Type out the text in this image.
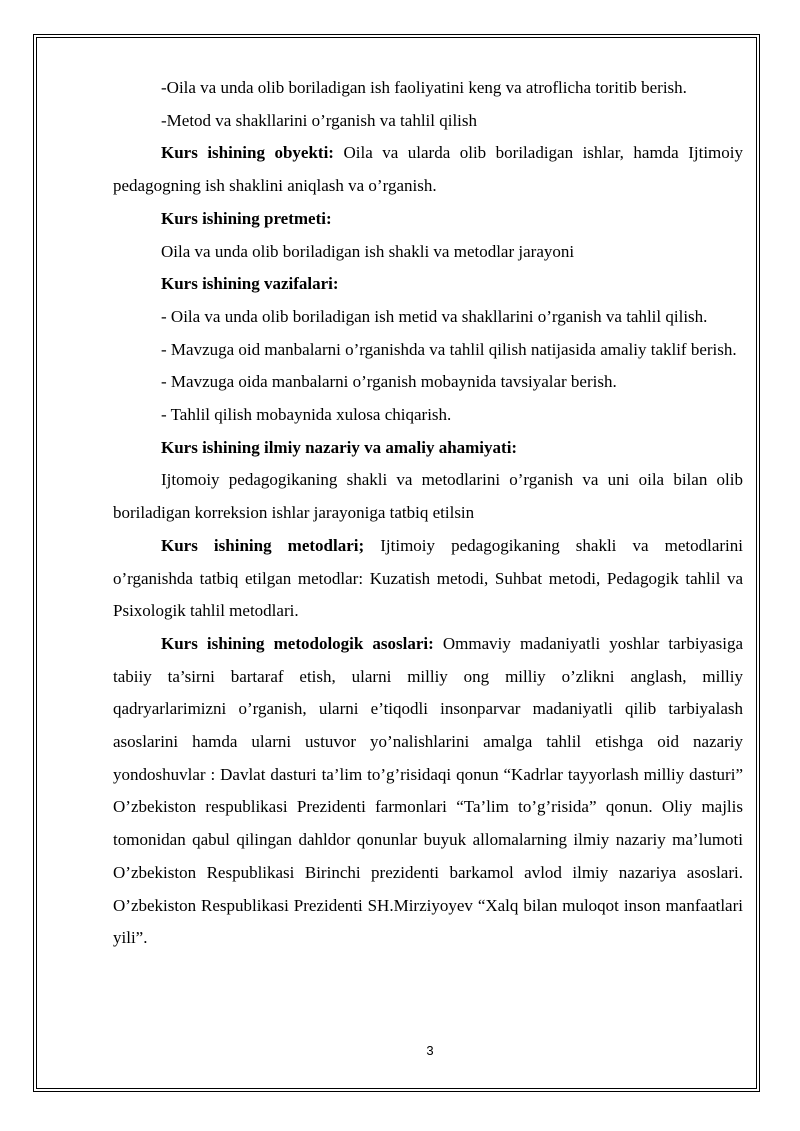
-Oila va unda olib boriladigan ish faoliyatini keng va atroflicha toritib berish.

-Metod va shakllarini o’rganish va tahlil qilish

Kurs ishining obyekti: Oila va ularda olib boriladigan ishlar, hamda Ijtimoiy pedagogning ish shaklini aniqlash va o’rganish.

Kurs ishining pretmeti:

Oila va unda olib boriladigan ish shakli va metodlar jarayoni

Kurs ishining vazifalari:

- Oila va unda olib boriladigan ish metid va shakllarini o’rganish va tahlil qilish.

- Mavzuga oid manbalarni o’rganishda va tahlil qilish natijasida amaliy taklif berish.

- Mavzuga oida manbalarni o’rganish mobaynida tavsiyalar berish.

- Tahlil qilish mobaynida xulosa chiqarish.

Kurs ishining ilmiy nazariy va amaliy ahamiyati:

Ijtomoiy pedagogikaning shakli va metodlarini o’rganish va uni oila bilan olib boriladigan korreksion ishlar jarayoniga tatbiq etilsin

Kurs ishining metodlari; Ijtimoiy pedagogikaning shakli va metodlarini o’rganishda tatbiq etilgan metodlar: Kuzatish metodi, Suhbat metodi, Pedagogik tahlil va Psixologik tahlil metodlari.

Kurs ishining metodologik asoslari: Ommaviy madaniyatli yoshlar tarbiyasiga tabiiy ta’sirni bartaraf etish, ularni milliy ong milliy o’zlikni anglash, milliy qadryarlarimizni o’rganish, ularni e’tiqodli insonparvar madaniyatli qilib tarbiyalash asoslarini hamda ularni ustuvor yo’nalishlarini amalga tahlil etishga oid nazariy yondoshuvlar : Davlat dasturi ta’lim to’g’risidaqi qonun “Kadrlar tayyorlash milliy dasturi” O’zbekiston respublikasi Prezidenti farmonlari “Ta’lim to’g’risida” qonun. Oliy majlis tomonidan qabul qilingan dahldor qonunlar buyuk allomalarning ilmiy nazariy ma’lumoti O’zbekiston Respublikasi Birinchi prezidenti barkamol avlod ilmiy nazariya asoslari. O’zbekiston Respublikasi Prezidenti SH.Mirziyoyev “Xalq bilan muloqot inson manfaatlari yili”.

3
